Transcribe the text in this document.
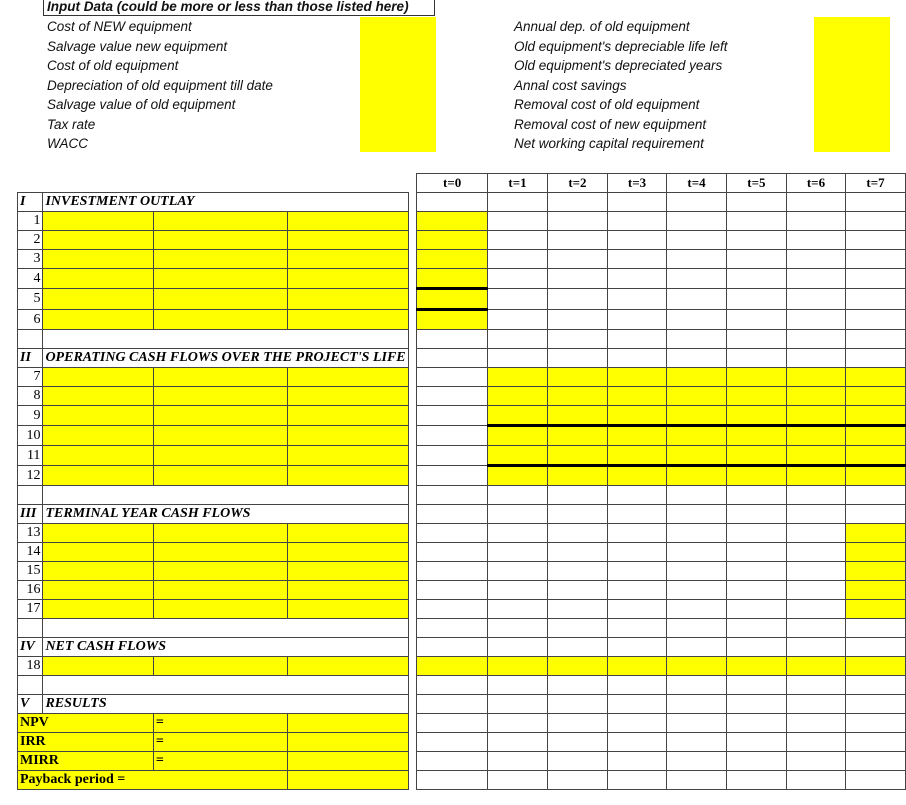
Input Data (could be more or less than those listed here)
Cost of NEW equipment
Salvage value new equipment
Cost of old equipment
Depreciation of old equipment till date
Salvage value of old equipment
Tax rate
WACC
Annual dep. of old equipment
Old equipment's depreciable life left
Old equipment's depreciated years
Annal cost savings
Removal cost of old equipment
Removal cost of new equipment
Net working capital requirement
					t=0	t=1	t=2	t=3	t=4	t=5	t=6	t=7
I	INVESTMENT OUTLAY											
1												
2												
3												
4												
5												
6												

II	OPERATING CASH FLOWS OVER THE PROJECT'S LIFE											
7												
8												
9												
10												
11												
12												

III	TERMINAL YEAR CASH FLOWS											
13												
14												
15												
16												
17												

IV	NET CASH FLOWS											
18												

V	RESULTS											
NPV		=										
IRR		=										
MIRR		=										
Payback period =												
